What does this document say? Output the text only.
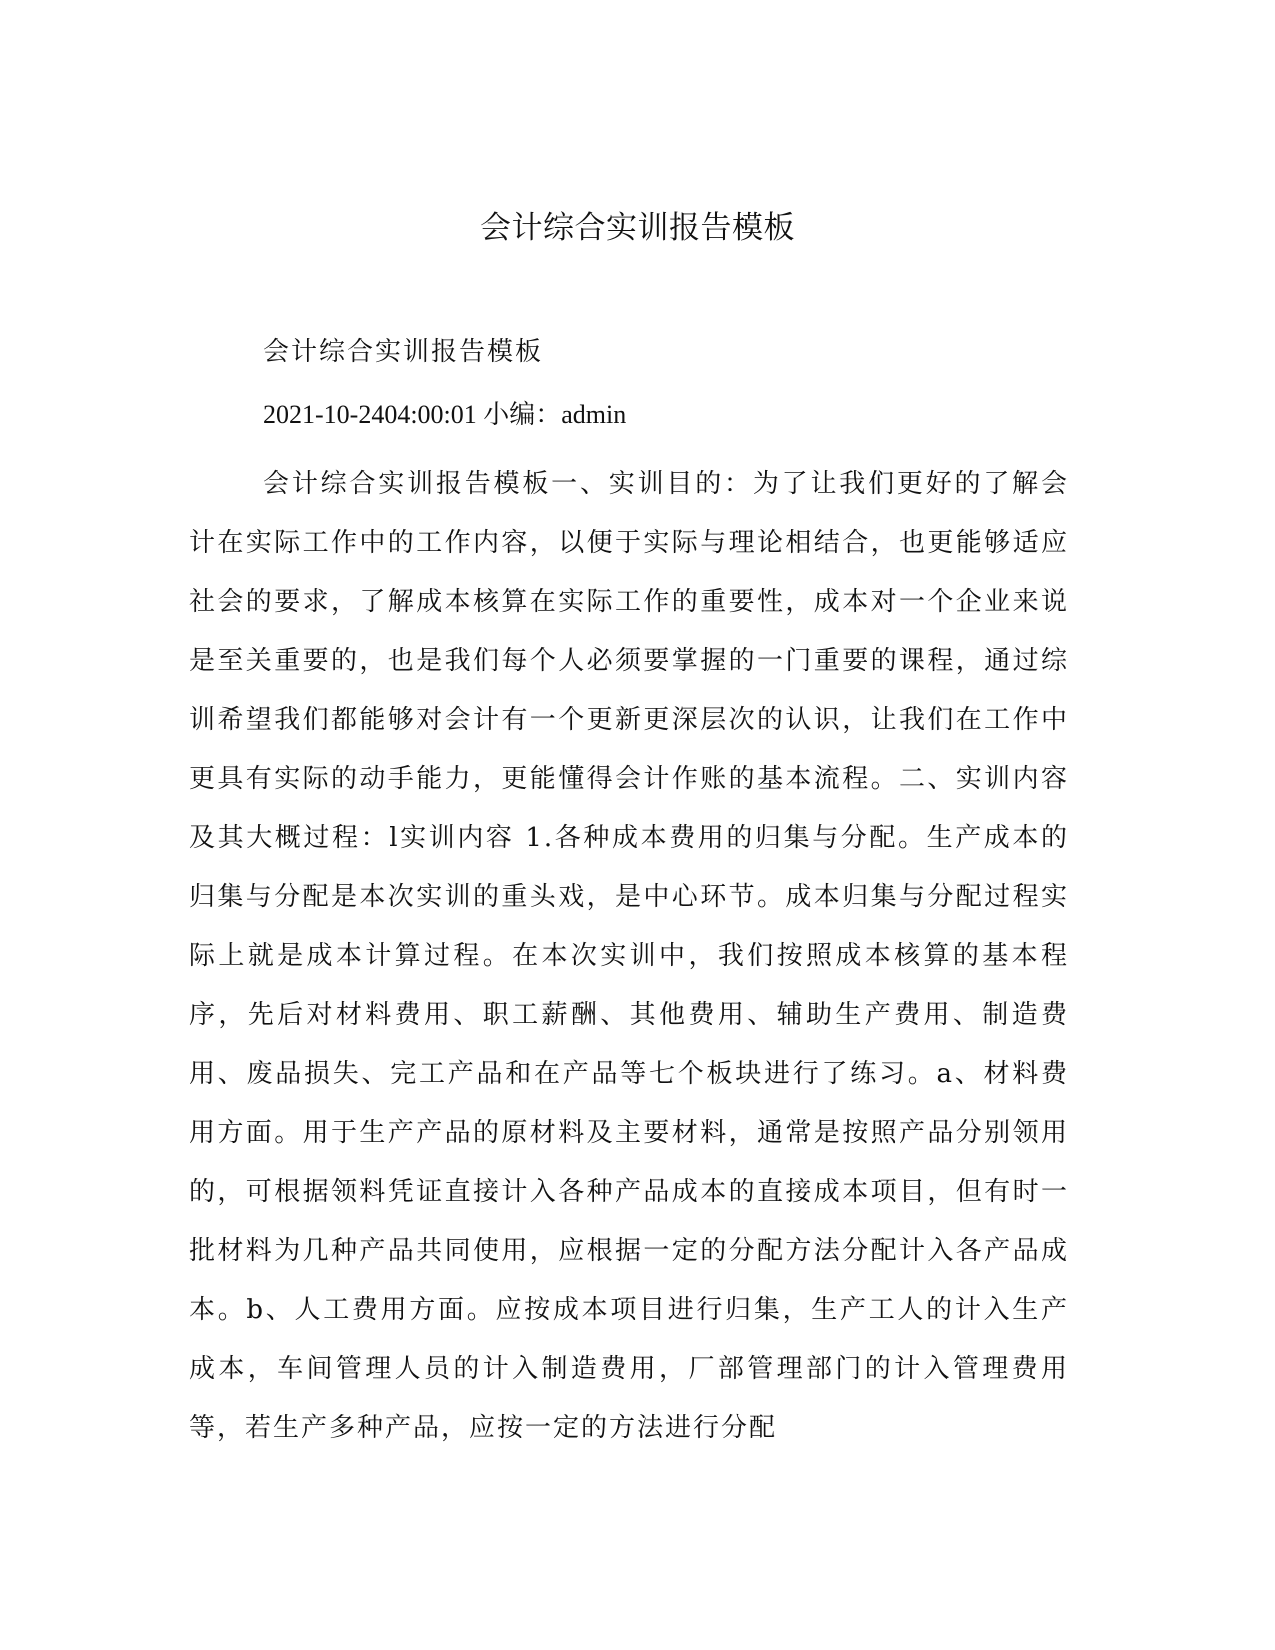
会计综合实训报告模板
会计综合实训报告模板
2021-10-2404:00:01 小编：admin

会计综合实训报告模板一、实训目的：为了让我们更好的了解会计在实际工作中的工作内容，以便于实际与理论相结合，也更能够适应社会的要求，了解成本核算在实际工作的重要性，成本对一个企业来说是至关重要的，也是我们每个人必须要掌握的一门重要的课程，通过综训希望我们都能够对会计有一个更新更深层次的认识，让我们在工作中更具有实际的动手能力，更能懂得会计作账的基本流程。二、实训内容及其大概过程：l实训内容 1.各种成本费用的归集与分配。生产成本的归集与分配是本次实训的重头戏，是中心环节。成本归集与分配过程实际上就是成本计算过程。在本次实训中，我们按照成本核算的基本程序，先后对材料费用、职工薪酬、其他费用、辅助生产费用、制造费用、废品损失、完工产品和在产品等七个板块进行了练习。a、材料费用方面。用于生产产品的原材料及主要材料，通常是按照产品分别领用的，可根据领料凭证直接计入各种产品成本的直接成本项目，但有时一批材料为几种产品共同使用，应根据一定的分配方法分配计入各产品成本。b、人工费用方面。应按成本项目进行归集，生产工人的计入生产成本，车间管理人员的计入制造费用，厂部管理部门的计入管理费用等，若生产多种产品，应按一定的方法进行分配
